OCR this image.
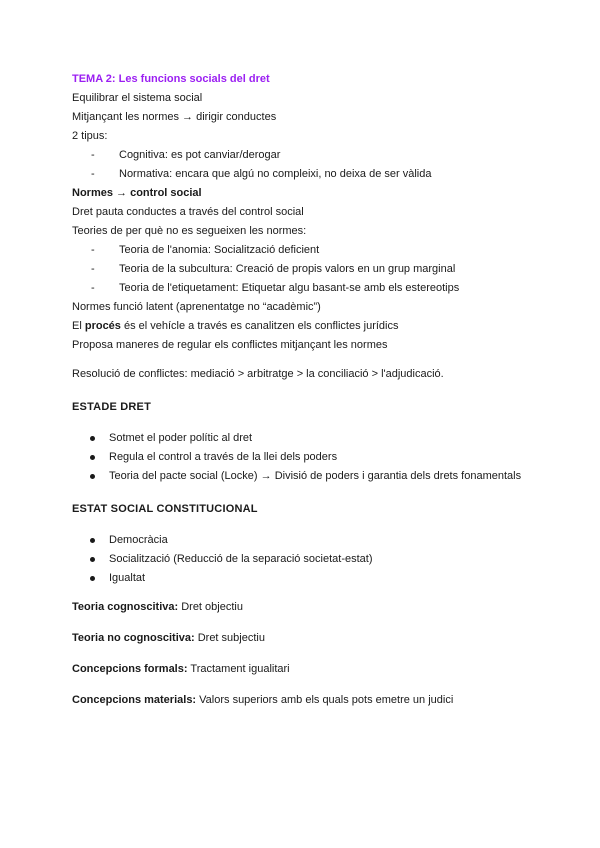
TEMA 2: Les funcions socials del dret
Equilibrar el sistema social
Mitjançant les normes → dirigir conductes
2 tipus:
-	Cognitiva: es pot canviar/derogar
-	Normativa: encara que algú no compleixi, no deixa de ser vàlida
Normes → control social
Dret pauta conductes a través del control social
Teories de per què no es segueixen les normes:
-	Teoria de l'anomia: Socialització deficient
-	Teoria de la subcultura: Creació de propis valors en un grup marginal
-	Teoria de l'etiquetament: Etiquetar algu basant-se amb els estereotips
Normes funció latent (aprenentatge no “acadèmic”)
El procés és el vehícle a través es canalitzen els conflictes jurídics
Proposa maneres de regular els conflictes mitjançant les normes
Resolució de conflictes: mediació > arbitratge > la conciliació > l'adjudicació.
ESTADE DRET
Sotmet el poder polític al dret
Regula el control a través de la llei dels poders
Teoria del pacte social (Locke) → Divisió de poders i garantia dels drets fonamentals
ESTAT SOCIAL CONSTITUCIONAL
Democràcia
Socialització (Reducció de la separació societat-estat)
Igualtat
Teoria cognoscitiva: Dret objectiu
Teoria no cognoscitiva: Dret subjectiu
Concepcions formals: Tractament igualitari
Concepcions materials: Valors superiors amb els quals pots emetre un judici
